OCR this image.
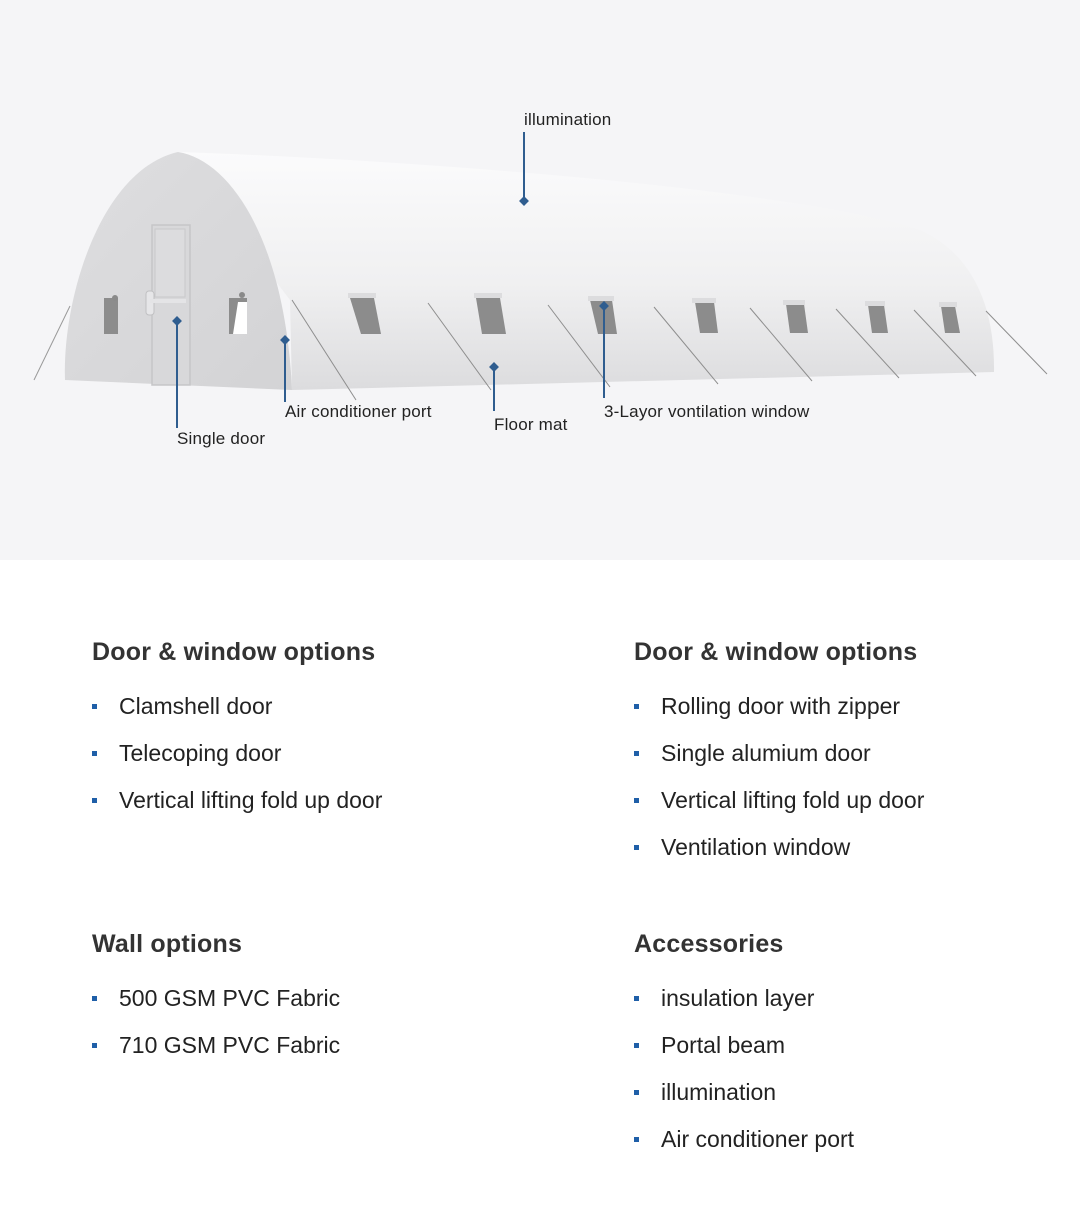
illumination
Single door
Air conditioner port
Floor mat
3-Layor vontilation window
Door & window options
Clamshell door
Telecoping door
Vertical lifting fold up door
Door & window options
Rolling door with zipper
Single alumium door
Vertical lifting fold up door
Ventilation window
Wall options
500 GSM PVC Fabric
710 GSM PVC Fabric
Accessories
insulation layer
Portal beam
illumination
Air conditioner port
